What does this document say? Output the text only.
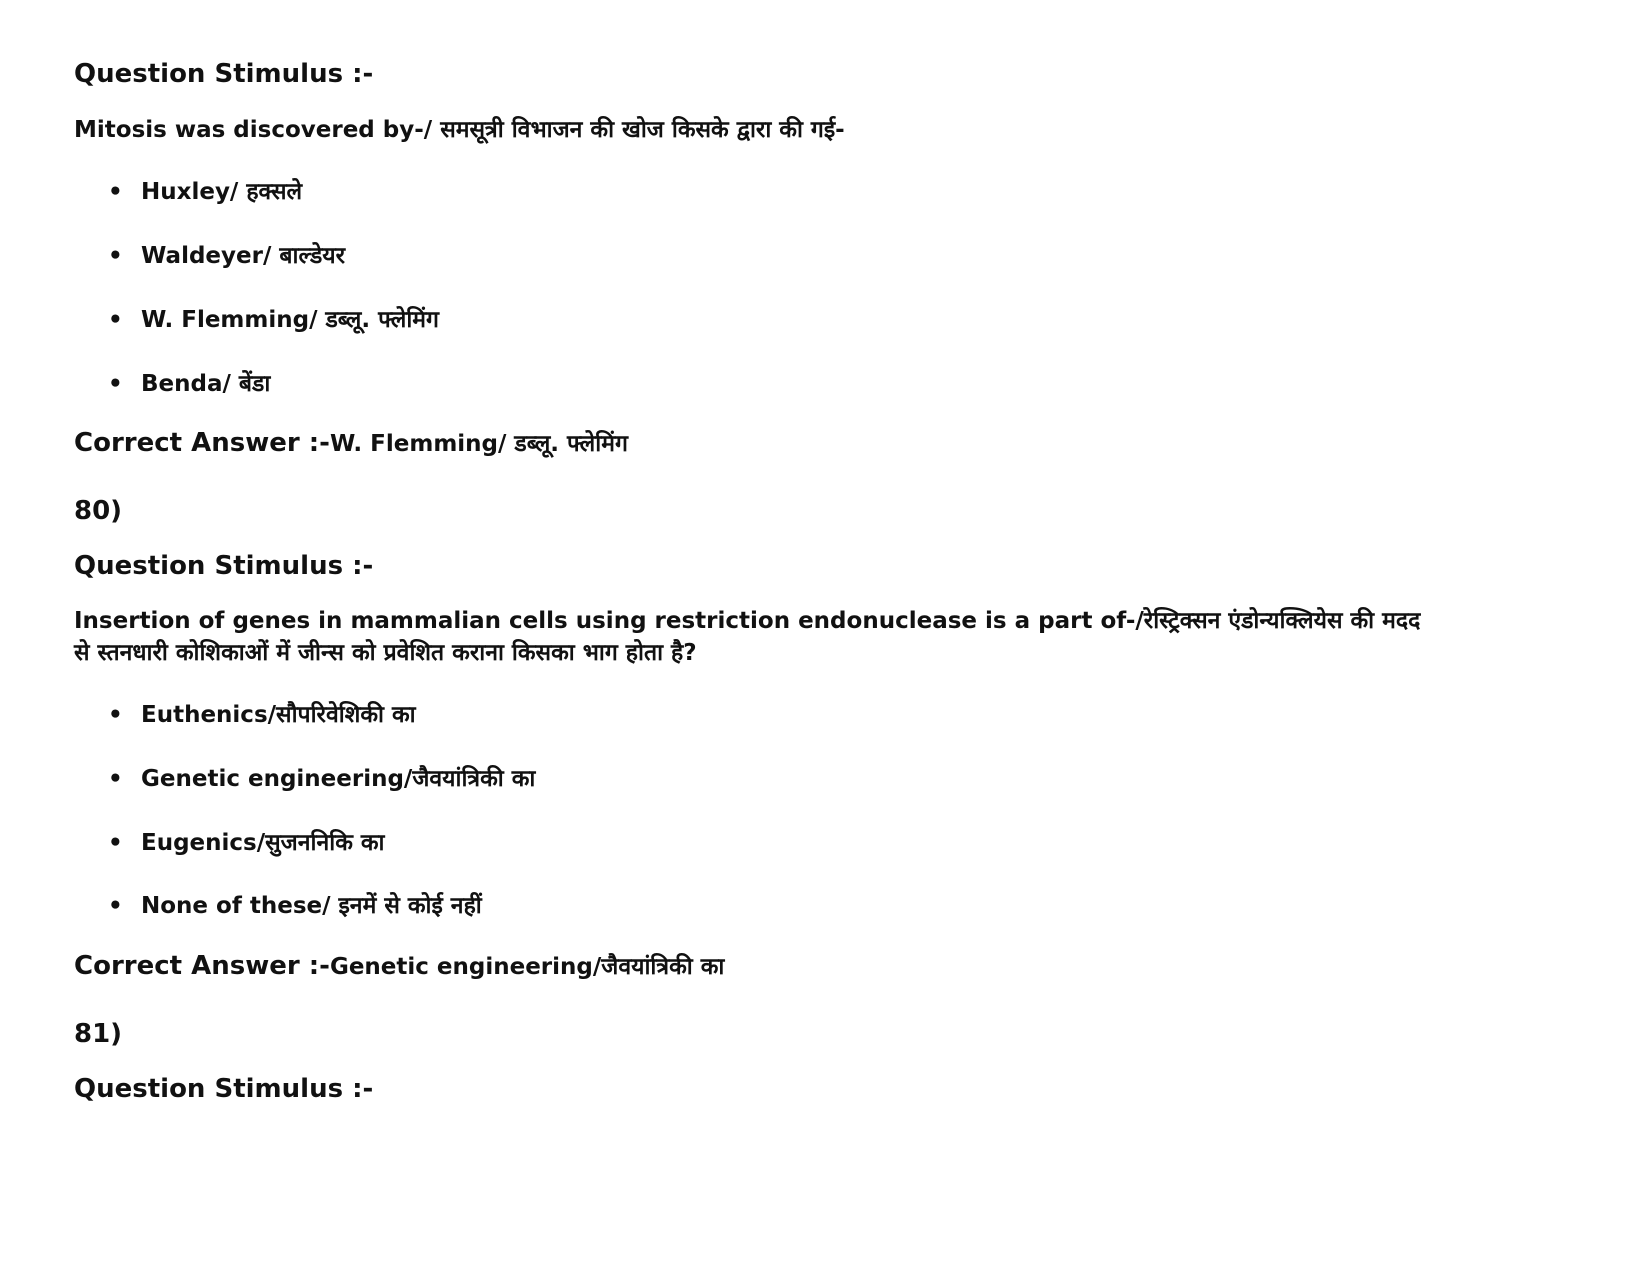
Question Stimulus :-

Mitosis was discovered by-/ समसूत्री विभाजन की खोज किसके द्वारा की गई-

• Huxley/ हक्सले
• Waldeyer/ बाल्डेयर
• W. Flemming/ डब्लू. फ्लेमिंग
• Benda/ बेंडा

Correct Answer :-W. Flemming/ डब्लू. फ्लेमिंग

80)

Question Stimulus :-

Insertion of genes in mammalian cells using restriction endonuclease is a part of-/रेस्ट्रिक्सन एंडोन्यक्लियेस की मदद

से स्तनधारी कोशिकाओं में जीन्स को प्रवेशित कराना किसका भाग होता है?

• Euthenics/सौपरिवेशिकी का
• Genetic engineering/जैवयांत्रिकी का
• Eugenics/सुजननिकि का
• None of these/ इनमें से कोई नहीं

Correct Answer :-Genetic engineering/जैवयांत्रिकी का

81)

Question Stimulus :-
